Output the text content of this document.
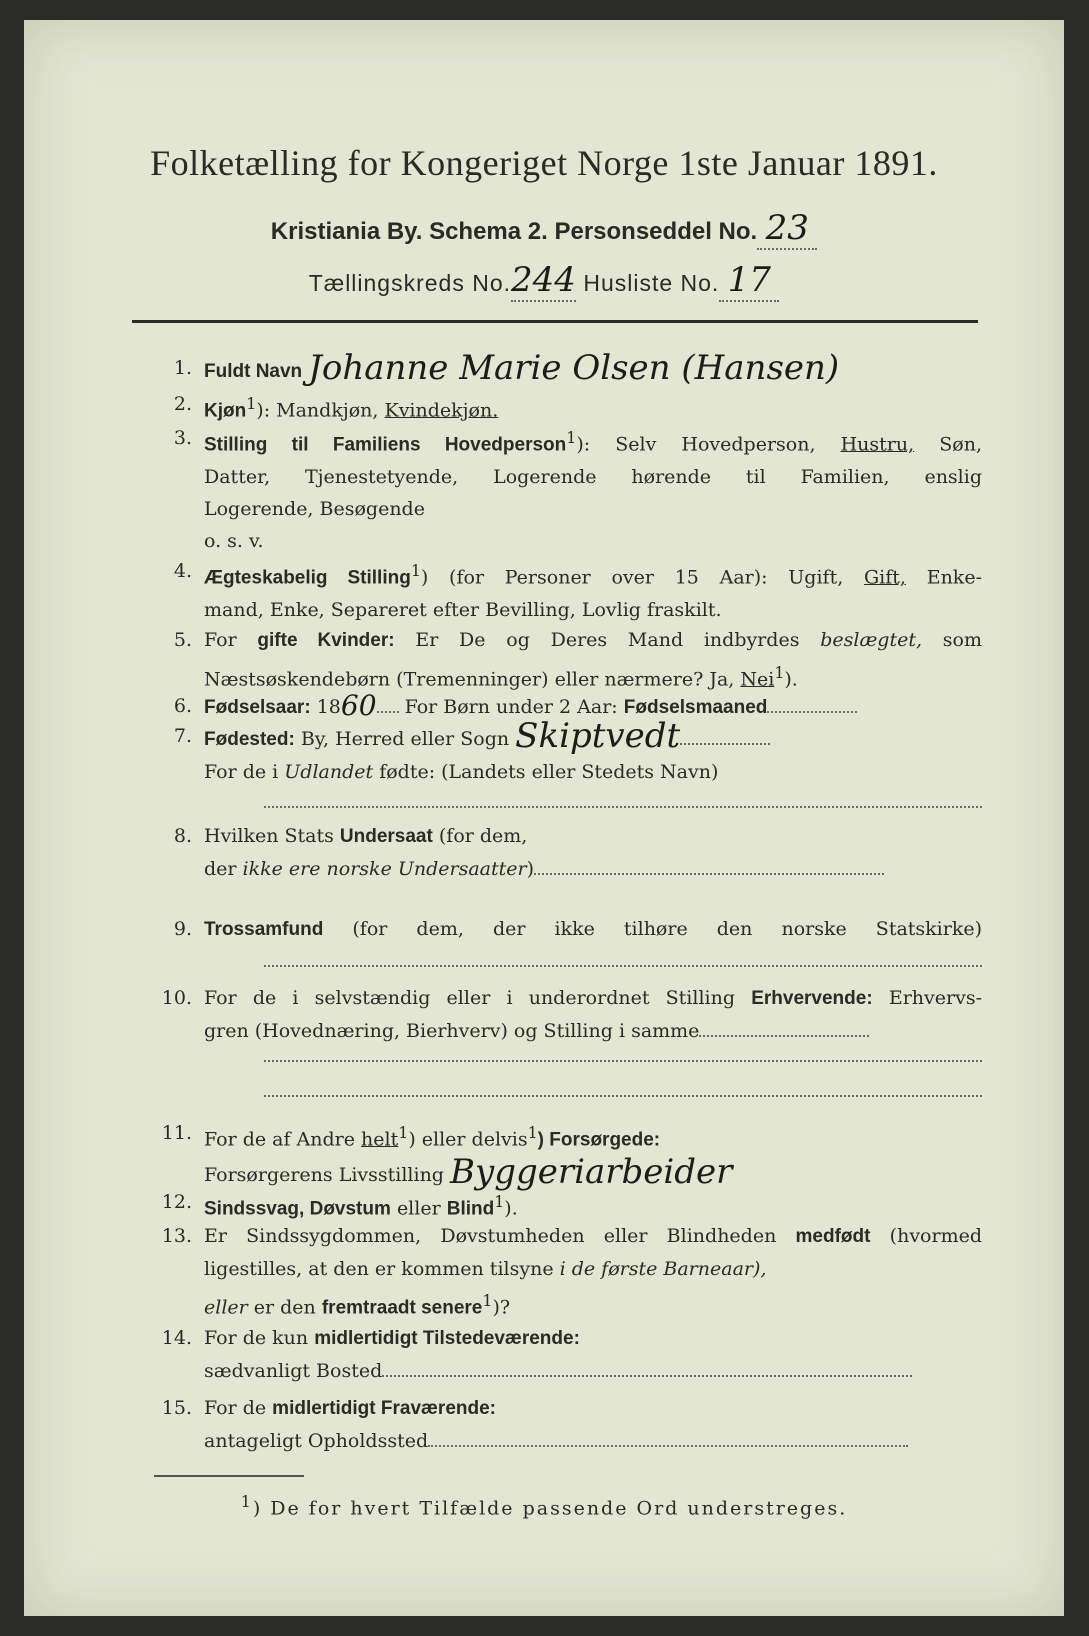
Folketælling for Kongeriget Norge 1ste Januar 1891.
Kristiania By. Schema 2. Personseddel No. 23
Tællingskreds No.244 Husliste No. 17
1. Fuldt Navn Johanne Marie Olsen (Hansen)
2. Kjøn$^1$): Mandkjøn, Kvindekjøn.
3. Stilling til Familiens Hovedperson$^1$): Selv Hovedperson, Hustru, Søn,
Datter, Tjenestetyende, Logerende hørende til Familien, enslig
Logerende, Besøgende
o. s. v.
4. Ægteskabelig Stilling$^1$) (for Personer over 15 Aar): Ugift, Gift, Enke-
mand, Enke, Separeret efter Bevilling, Lovlig fraskilt.
5. For gifte Kvinder: Er De og Deres Mand indbyrdes beslægtet, som
Næstsøskendebørn (Tremenninger) eller nærmere? Ja, Nei$^1$).
6. Fødselsaar: 1860 For Børn under 2 Aar: Fødselsmaaned
7. Fødested: By, Herred eller Sogn Skiptvedt
For de i Udlandet fødte: (Landets eller Stedets Navn)
8. Hvilken Stats Undersaat (for dem,
der ikke ere norske Undersaatter)
9. Trossamfund (for dem, der ikke tilhøre den norske Statskirke)
10. For de i selvstændig eller i underordnet Stilling Erhvervende: Erhvervs-
gren (Hovednæring, Bierhverv) og Stilling i samme
11. For de af Andre helt$^1$) eller delvis$^1$) Forsørgede:
Forsørgerens Livsstilling Byggeriarbeider
12. Sindssvag, Døvstum eller Blind$^1$).
13. Er Sindssygdommen, Døvstumheden eller Blindheden medfødt (hvormed
ligestilles, at den er kommen tilsyne i de første Barneaar),
eller er den fremtraadt senere$^1$)?
14. For de kun midlertidigt Tilstedeværende:
sædvanligt Bosted
15. For de midlertidigt Fraværende:
antageligt Opholdssted
$^1$) De for hvert Tilfælde passende Ord understreges.
